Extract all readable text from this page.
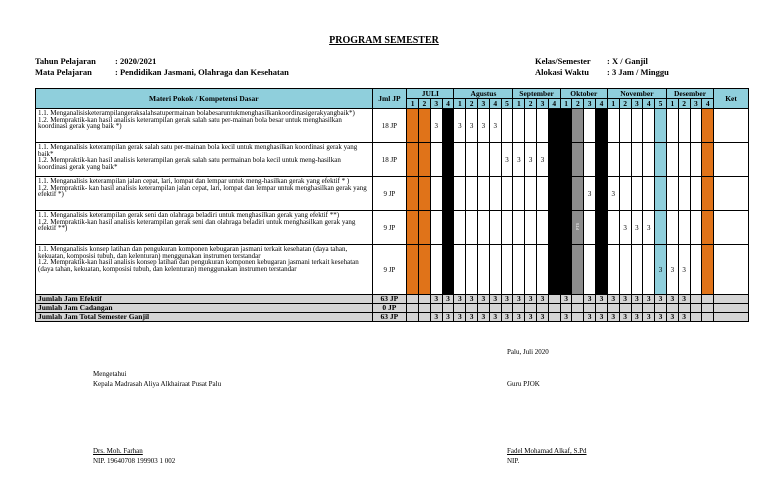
PROGRAM SEMESTER
Tahun Pelajaran : 2020/2021
Mata Pelajaran	: Pendidikan Jasmani, Olahraga dan Kesehatan
Kelas/Semester : X / Ganjil
Alokasi Waktu : 3 Jam / Minggu
Materi Pokok / Kompetensi Dasar	Jml JP	JULI				Agustus					September				Oktober				November					Desember				Ket
		1	2	3	4	1	2	3	4	5	1	2	3	4	1	2	3	4	1	2	3	4	5	1	2	3	4	

1.1. Menganalisisketerampilangeraksalahsatupermainan bolabesaruntukmenghasilkankoordinasigerakyangbaik*)
1.2. Mempraktik-kan hasil analisis keterampilan gerak salah satu per-mainan bola besar untuk menghasilkan koordinasi gerak yang baik *)	18 JP			3	3	3	3	3	3																			

1.1. Menganalisis keterampilan gerak salah satu per-mainan bola kecil untuk menghasilkan koordinasi gerak yang baik*
1.2. Mempraktik-kan hasil analisis keterampilan gerak salah satu permainan bola kecil untuk meng-hasilkan koordinasi gerak yang baik*	18 JP									3	3	3	3		3													

1.1. Menganalisis keterampilan jalan cepat, lari, lompat dan lempar untuk meng-hasilkan gerak yang efektif * )
1.2. Mempraktik- kan hasil analisis keterampilan jalan cepat, lari, lompat dan lempar untuk menghasilkan gerak yang efektif *)	9 JP																3	3	3									

1.1. Menganalisis keterampilan gerak seni dan olahraga beladiri untuk menghasilkan gerak yang efektif **)
1.2. Mempraktik-kan hasil analisis keterampilan gerak seni dan olahraga beladiri untuk menghasilkan gerak yang efektif **)	9 JP															PTS				3	3	3						

1.1. Menganalisis konsep latihan dan pengukuran komponen kebugaran jasmani terkait kesehatan (daya tahan, kekuatan, komposisi tubuh, dan kelenturan) menggunakan instrumen terstandar
1.2. Mempraktik-kan hasil analisis konsep latihan dan pengukuran komponen kebugaran jasmani terkait kesehatan (daya tahan, kekuatan, komposisi tubuh, dan kelenturan) menggunakan instrumen terstandar	9 JP																						3	3	3			
Jumlah Jam Efektif	63 JP			3	3	3	3	3	3	3	3	3	3		3		3	3	3	3	3	3	3	3	3			
Jumlah Jam Cadangan	0 JP																											
Jumlah Jam Total Semester Ganjil	63 JP			3	3	3	3	3	3	3	3	3	3		3		3	3	3	3	3	3	3	3	3			
Palu, Juli 2020
Mengetahui
Kepala Madrasah Aliya Alkhairaat Pusat Palu	Guru PJOK
Drs. Moh. Farhan
NIP. 19640708 199903 1 002
Fadel Mohamad Alkaf, S.Pd
NIP.
